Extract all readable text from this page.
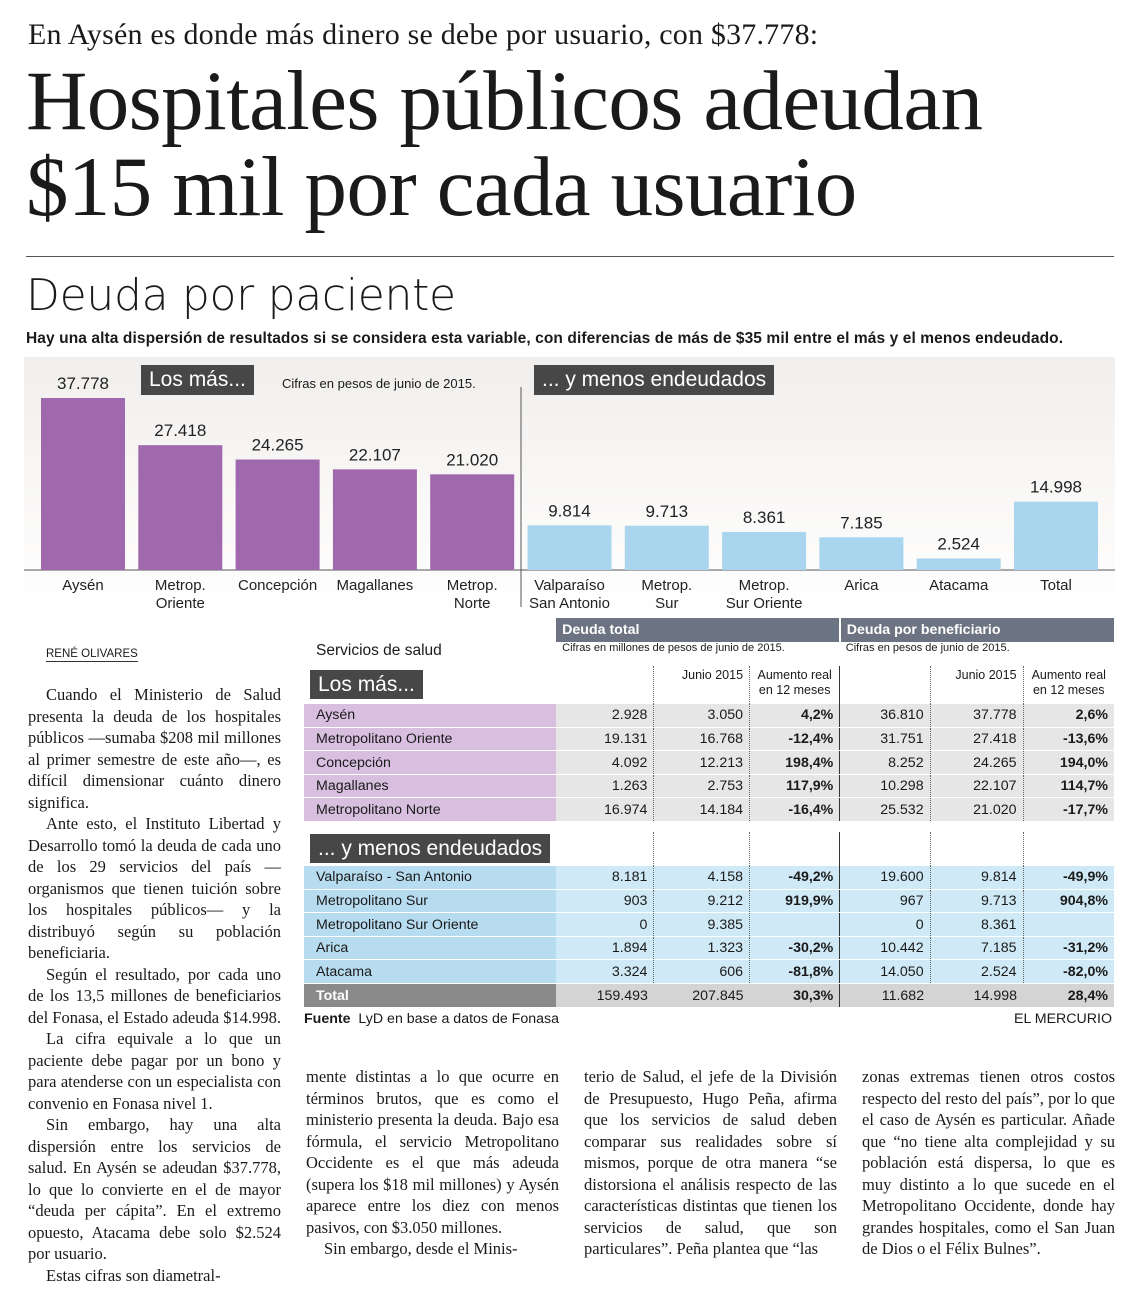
En Aysén es donde más dinero se debe por usuario, con $37.778:
Hospitales públicos adeudan
$15 mil por cada usuario
Deuda por paciente
Hay una alta dispersión de resultados si se considera esta variable, con diferencias de más de $35 mil entre el más y el menos endeudado.
37.778
Aysén
27.418
Metrop.
Oriente
24.265
Concepción
22.107
Magallanes
21.020
Metrop.
Norte
9.814
Valparaíso
San Antonio
9.713
Metrop.
Sur
8.361
Metrop.
Sur Oriente
7.185
Arica
2.524
Atacama
14.998
Total
Los más...	Cifras en pesos de junio de 2015.	... y menos endeudados
RENÉ OLIVARES

Cuando el Ministerio de Salud presenta la deuda de los hospitales públicos —sumaba $208 mil millones al primer semestre de este año—, es difícil dimensionar cuánto dinero significa.

Ante esto, el Instituto Libertad y Desarrollo tomó la deuda de cada uno de los 29 servicios del país —organismos que tienen tuición sobre los hospitales públicos— y la distribuyó según su población beneficiaria.

Según el resultado, por cada uno de los 13,5 millones de beneficiarios del Fonasa, el Estado adeuda $14.998.

La cifra equivale a lo que un paciente debe pagar por un bono y para atenderse con un especialista con convenio en Fonasa nivel 1.

Sin embargo, hay una alta dispersión entre los servicios de salud. En Aysén se adeudan $37.778, lo que lo convierte en el de mayor “deuda per cápita”. En el extremo opuesto, Atacama debe solo $2.524 por usuario.

Estas cifras son diametral-

mente distintas a lo que ocurre en términos brutos, que es como el ministerio presenta la deuda. Bajo esa fórmula, el servicio Metropolitano Occidente es el que más adeuda (supera los $18 mil millones) y Aysén aparece entre los diez con menos pasivos, con $3.050 millones.

Sin embargo, desde el Minis-

terio de Salud, el jefe de la División de Presupuesto, Hugo Peña, afirma que los servicios de salud deben comparar sus realidades sobre sí mismos, porque de otra manera “se distorsiona el análisis respecto de las características distintas que tienen los servicios de salud, que son particulares”. Peña plantea que “las
zonas extremas tienen otros costos respecto del resto del país”, por lo que el caso de Aysén es particular. Añade que “no tiene alta complejidad y su población está dispersa, lo que es muy distinto a lo que sucede en el Metropolitano Occidente, donde hay grandes hospitales, como el San Juan de Dios o el Félix Bulnes”.
	Deuda total			Deuda por beneficiario		
Servicios de salud	Cifras en millones de pesos de junio de 2015.			Cifras en pesos de junio de 2015.		
Los más...		Junio 2015	Aumento real
en 12 meses		Junio 2015	Aumento real
en 12 meses
Aysén	2.928	3.050	4,2%	36.810	37.778	2,6%
Metropolitano Oriente	19.131	16.768	-12,4%	31.751	27.418	-13,6%
Concepción	4.092	12.213	198,4%	8.252	24.265	194,0%
Magallanes	1.263	2.753	117,9%	10.298	22.107	114,7%
Metropolitano Norte	16.974	14.184	-16,4%	25.532	21.020	-17,7%

... y menos endeudados						
Valparaíso - San Antonio	8.181	4.158	-49,2%	19.600	9.814	-49,9%
Metropolitano Sur	903	9.212	919,9%	967	9.713	904,8%
Metropolitano Sur Oriente	0	9.385		0	8.361	
Arica	1.894	1.323	-30,2%	10.442	7.185	-31,2%
Atacama	3.324	606	-81,8%	14.050	2.524	-82,0%
Total	159.493	207.845	30,3%	11.682	14.998	28,4%
Fuente LyD en base a datos de Fonasa				EL MERCURIO		
